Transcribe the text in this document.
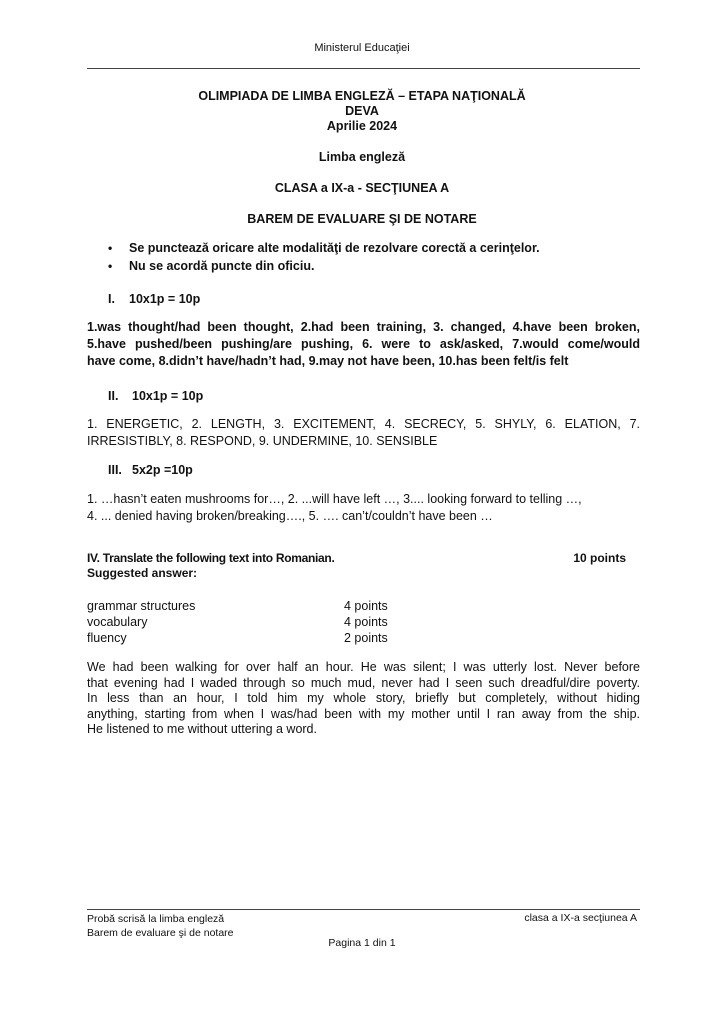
Ministerul Educaţiei
OLIMPIADA DE LIMBA ENGLEZĂ – ETAPA NAŢIONALĂ
DEVA
Aprilie 2024
Limba engleză
CLASA a IX-a - SECŢIUNEA A
BAREM DE EVALUARE ŞI DE NOTARE
•	Se punctează oricare alte modalităţi de rezolvare corectă a cerinţelor.
•	Nu se acordă puncte din oficiu.
I.	10x1p = 10p
1.was thought/had been thought, 2.had been training, 3. changed, 4.have been broken,
5.have pushed/been pushing/are pushing, 6. were to ask/asked, 7.would come/would
have come, 8.didn’t have/hadn’t had, 9.may not have been, 10.has been felt/is felt
II.	10x1p = 10p
1. ENERGETIC, 2. LENGTH, 3. EXCITEMENT, 4. SECRECY, 5. SHYLY, 6. ELATION, 7.
IRRESISTIBLY, 8. RESPOND, 9. UNDERMINE, 10. SENSIBLE
III. 5x2p =10p
1. …hasn’t eaten mushrooms for…, 2. ...will have left …, 3.... looking forward to telling …,
4. ... denied having broken/breaking…., 5. …. can’t/couldn’t have been …
IV. Translate the following text into Romanian.	10 points
Suggested answer:
grammar structures	4 points
vocabulary	4 points
fluency	2 points
We had been walking for over half an hour. He was silent; I was utterly lost. Never before
that evening had I waded through so much mud, never had I seen such dreadful/dire poverty.
In less than an hour, I told him my whole story, briefly but completely, without hiding
anything, starting from when I was/had been with my mother until I ran away from the ship.
He listened to me without uttering a word.
Probă scrisă la limba engleză
Barem de evaluare şi de notare
clasa a IX-a secţiunea A
Pagina 1 din 1
